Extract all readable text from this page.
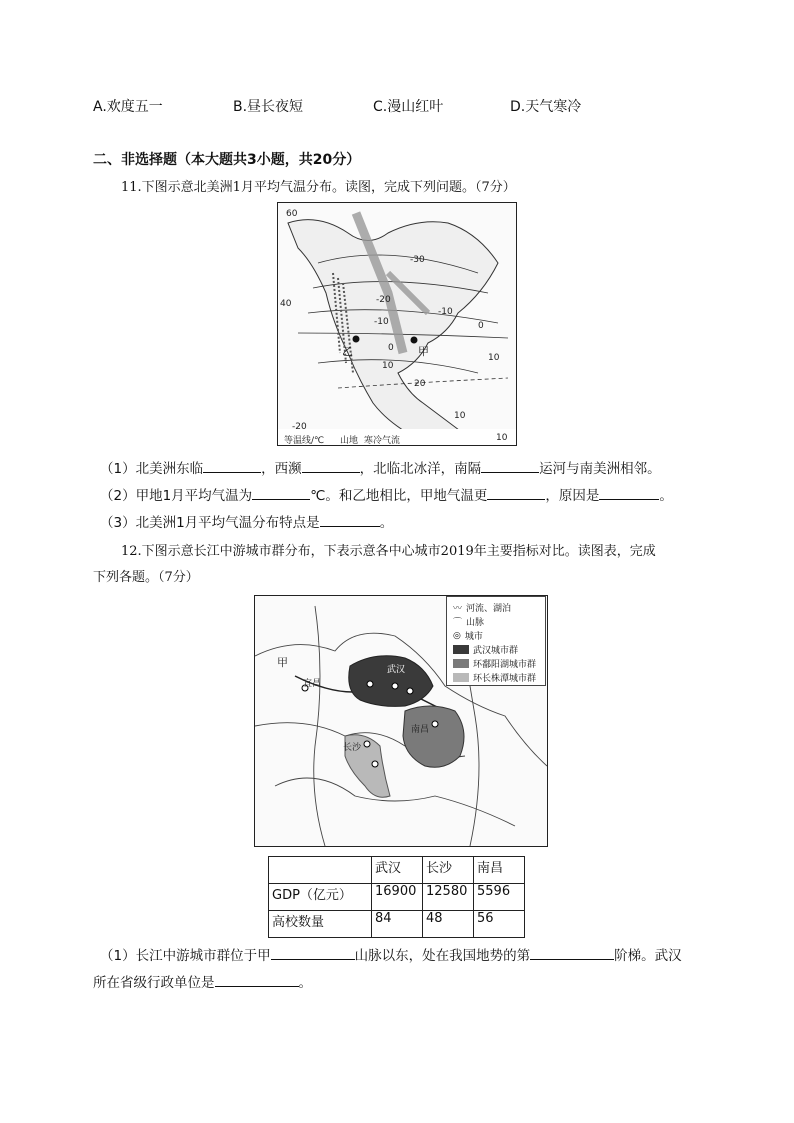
A.欢度五一	B.昼长夜短	C.漫山红叶	D.天气寒冷
二、非选择题（本大题共3小题，共20分）
11.下图示意北美洲1月平均气温分布。读图，完成下列问题。（7分）
60
40
-30
-20
-10
-10
0
0
10
10
20
10
10
-20
甲
乙
等温线/℃ 山地 寒冷气流
（1）北美洲东临	，西濒	，北临北冰洋，南隔	运河与南美洲相邻。
（2）甲地1月平均气温为	℃。和乙地相比，甲地气温更	，原因是	。
（3）北美洲1月平均气温分布特点是	。
12.下图示意长江中游城市群分布，下表示意各中心城市2019年主要指标对比。读图表，完成
下列各题。（7分）
武汉
宜昌
长沙
南昌
甲
〰 河流、湖泊
⌒ 山脉
◎ 城市
武汉城市群
环鄱阳湖城市群
环长株潭城市群
	武汉	长沙	南昌
GDP（亿元）	16900	12580	5596
高校数量	84	48	56
（1）长江中游城市群位于甲	山脉以东，处在我国地势的第	阶梯。武汉
所在省级行政单位是	。
